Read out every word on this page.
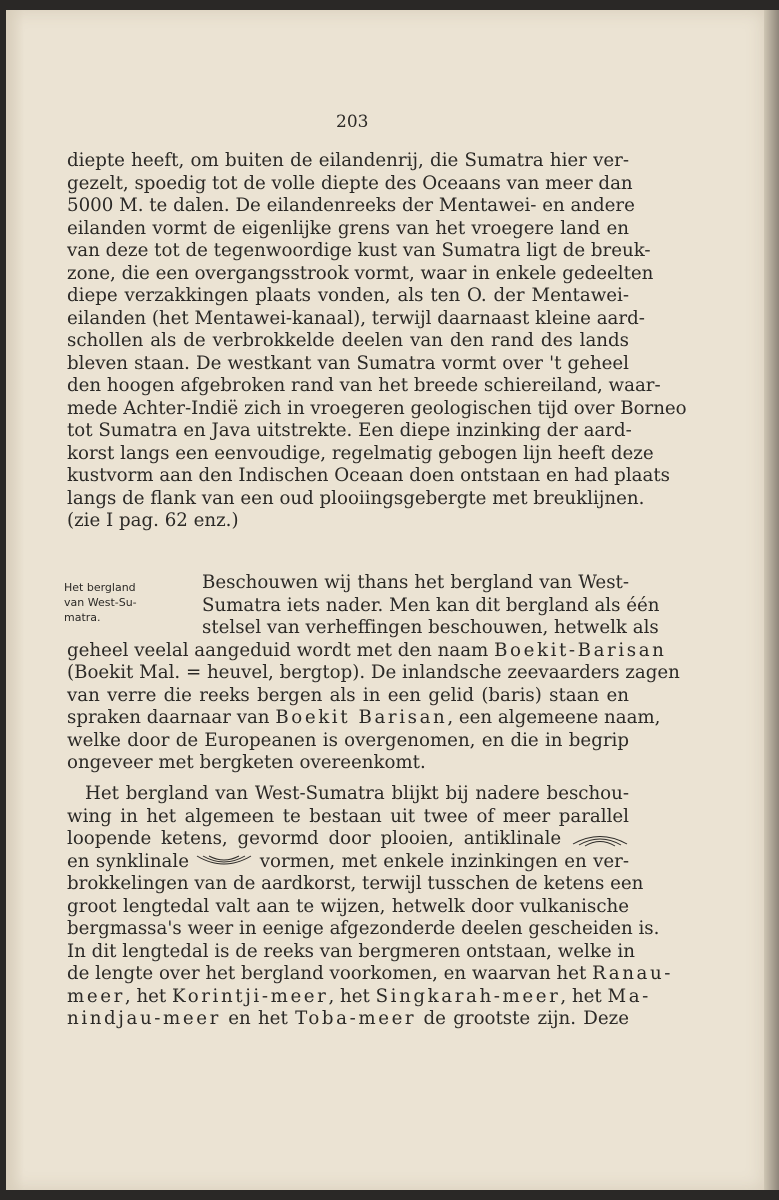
203
diepte heeft, om buiten de eilandenrij, die Sumatra hier ver-
gezelt, spoedig tot de volle diepte des Oceaans van meer dan
5000 M. te dalen. De eilandenreeks der Mentawei- en andere
eilanden vormt de eigenlijke grens van het vroegere land en
van deze tot de tegenwoordige kust van Sumatra ligt de breuk-
zone, die een overgangsstrook vormt, waar in enkele gedeelten
diepe verzakkingen plaats vonden, als ten O. der Mentawei-
eilanden (het Mentawei-kanaal), terwijl daarnaast kleine aard-
schollen als de verbrokkelde deelen van den rand des lands
bleven staan. De westkant van Sumatra vormt over 't geheel
den hoogen afgebroken rand van het breede schiereiland, waar-
mede Achter-Indië zich in vroegeren geologischen tijd over Borneo
tot Sumatra en Java uitstrekte. Een diepe inzinking der aard-
korst langs een eenvoudige, regelmatig gebogen lijn heeft deze
kustvorm aan den Indischen Oceaan doen ontstaan en had plaats
langs de flank van een oud plooiingsgebergte met breuklijnen.
(zie I pag. 62 enz.)
Het bergland
van West-Su-
matra.
Beschouwen wij thans het bergland van West-
Sumatra iets nader. Men kan dit bergland als één
stelsel van verheffingen beschouwen, hetwelk als
geheel veelal aangeduid wordt met den naam Boekit-Barisan
(Boekit Mal. = heuvel, bergtop). De inlandsche zeevaarders zagen
van verre die reeks bergen als in een gelid (baris) staan en
spraken daarnaar van Boekit Barisan, een algemeene naam,
welke door de Europeanen is overgenomen, en die in begrip
ongeveer met bergketen overeenkomt.
Het bergland van West-Sumatra blijkt bij nadere beschou-
wing in het algemeen te bestaan uit twee of meer parallel
loopende ketens, gevormd door plooien, antiklinale
en synklinale	vormen, met enkele inzinkingen en ver-
brokkelingen van de aardkorst, terwijl tusschen de ketens een
groot lengtedal valt aan te wijzen, hetwelk door vulkanische
bergmassa's weer in eenige afgezonderde deelen gescheiden is.
In dit lengtedal is de reeks van bergmeren ontstaan, welke in
de lengte over het bergland voorkomen, en waarvan het Ranau-
meer, het Korintji-meer, het Singkarah-meer, het Ma-
nindjau-meer en het Toba-meer de grootste zijn. Deze
